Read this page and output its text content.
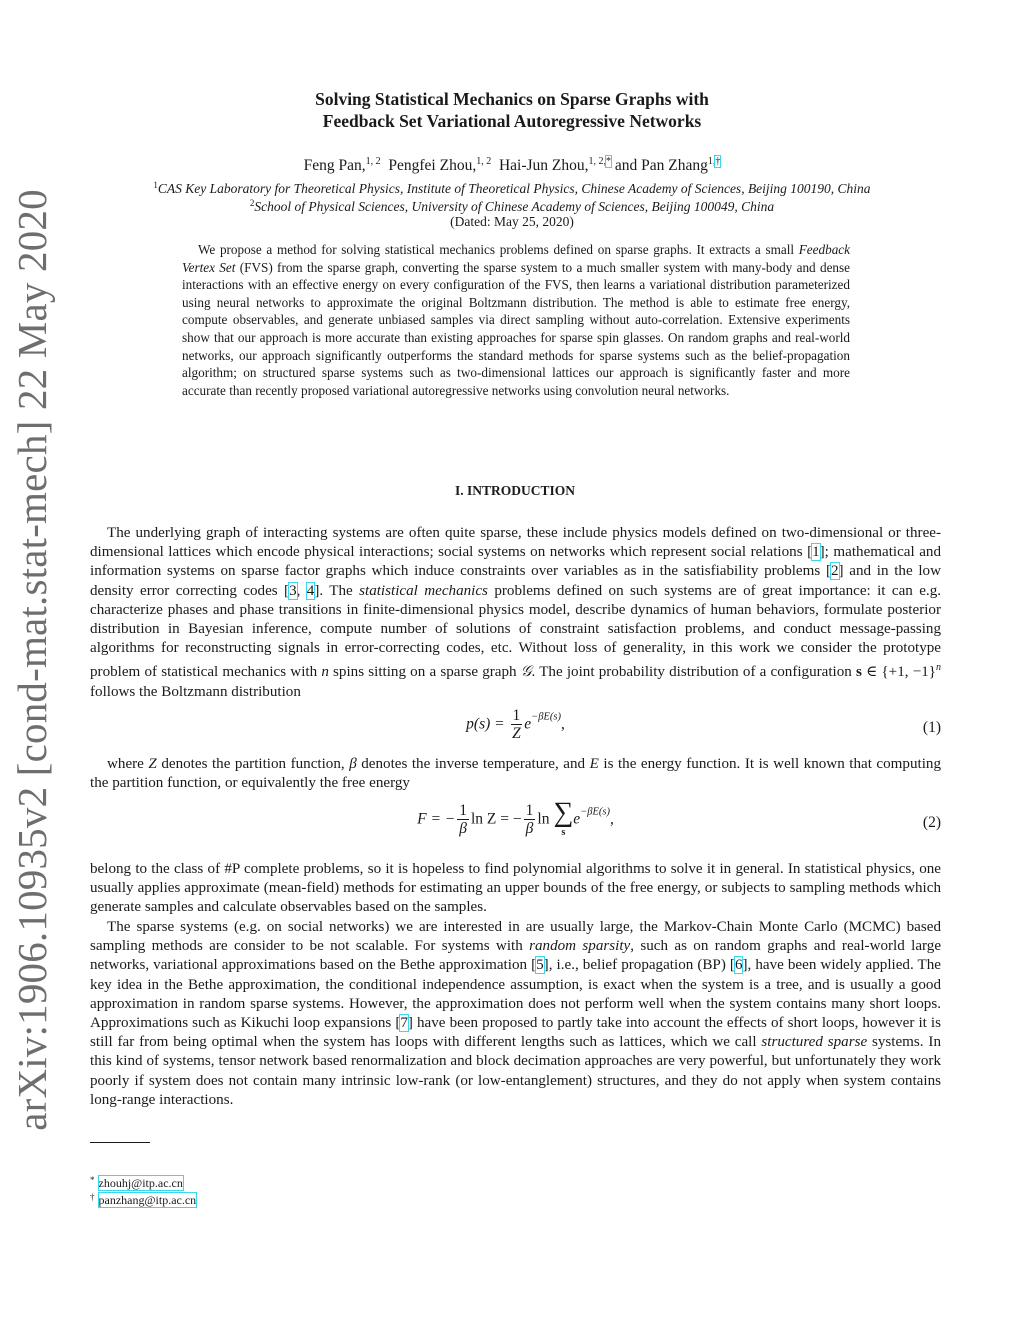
arXiv:1906.10935v2 [cond-mat.stat-mech] 22 May 2020
Solving Statistical Mechanics on Sparse Graphs with
Feedback Set Variational Autoregressive Networks
Feng Pan,$^{1, 2}$ Pengfei Zhou,$^{1, 2}$ Hai-Jun Zhou,$^{1, 2,*}$ and Pan Zhang$^{1,\dagger}$
$^1$CAS Key Laboratory for Theoretical Physics, Institute of Theoretical Physics, Chinese Academy of Sciences, Beijing 100190, China
$^2$School of Physical Sciences, University of Chinese Academy of Sciences, Beijing 100049, China
(Dated: May 25, 2020)

We propose a method for solving statistical mechanics problems defined on sparse graphs. It extracts a small Feedback Vertex Set (FVS) from the sparse graph, converting the sparse system to a much smaller system with many-body and dense interactions with an effective energy on every configuration of the FVS, then learns a variational distribution parameterized using neural networks to approximate the original Boltzmann distribution. The method is able to estimate free energy, compute observables, and generate unbiased samples via direct sampling without auto-correlation. Extensive experiments show that our approach is more accurate than existing approaches for sparse spin glasses. On random graphs and real-world networks, our approach significantly outperforms the standard methods for sparse systems such as the belief-propagation algorithm; on structured sparse systems such as two-dimensional lattices our approach is significantly faster and more accurate than recently proposed variational autoregressive networks using convolution neural networks.

I. INTRODUCTION

The underlying graph of interacting systems are often quite sparse, these include physics models defined on two-dimensional or three-dimensional lattices which encode physical interactions; social systems on networks which represent social relations [1]; mathematical and information systems on sparse factor graphs which induce constraints over variables as in the satisfiability problems [2] and in the low density error correcting codes [3, 4]. The statistical mechanics problems defined on such systems are of great importance: it can e.g. characterize phases and phase transitions in finite-dimensional physics model, describe dynamics of human behaviors, formulate posterior distribution in Bayesian inference, compute number of solutions of constraint satisfaction problems, and conduct message-passing algorithms for reconstructing signals in error-correcting codes, etc. Without loss of generality, in this work we consider the prototype problem of statistical mechanics with n spins sitting on a sparse graph 𝒢. The joint probability distribution of a configuration s ∈ {+1, −1}$^n$ follows the Boltzmann distribution

$p(s) = \frac{1}{Z} e^{-\beta E(s)}$,	(1)

where Z denotes the partition function, β denotes the inverse temperature, and E is the energy function. It is well known that computing the partition function, or equivalently the free energy

F = − $\frac{1}{\beta}$ ln Z = − $\frac{1}{\beta}$ ln ∑
s
$e^{-\beta E(s)}$,	(2)

belong to the class of #P complete problems, so it is hopeless to find polynomial algorithms to solve it in general. In statistical physics, one usually applies approximate (mean-field) methods for estimating an upper bounds of the free energy, or subjects to sampling methods which generate samples and calculate observables based on the samples.

The sparse systems (e.g. on social networks) we are interested in are usually large, the Markov-Chain Monte Carlo (MCMC) based sampling methods are consider to be not scalable. For systems with random sparsity, such as on random graphs and real-world large networks, variational approximations based on the Bethe approximation [5], i.e., belief propagation (BP) [6], have been widely applied. The key idea in the Bethe approximation, the conditional independence assumption, is exact when the system is a tree, and is usually a good approximation in random sparse systems. However, the approximation does not perform well when the system contains many short loops. Approximations such as Kikuchi loop expansions [7] have been proposed to partly take into account the effects of short loops, however it is still far from being optimal when the system has loops with different lengths such as lattices, which we call structured sparse systems. In this kind of systems, tensor network based renormalization and block decimation approaches are very powerful, but unfortunately they work poorly if system does not contain many intrinsic low-rank (or low-entanglement) structures, and they do not apply when system contains long-range interactions.

* zhouhj@itp.ac.cn
† panzhang@itp.ac.cn
